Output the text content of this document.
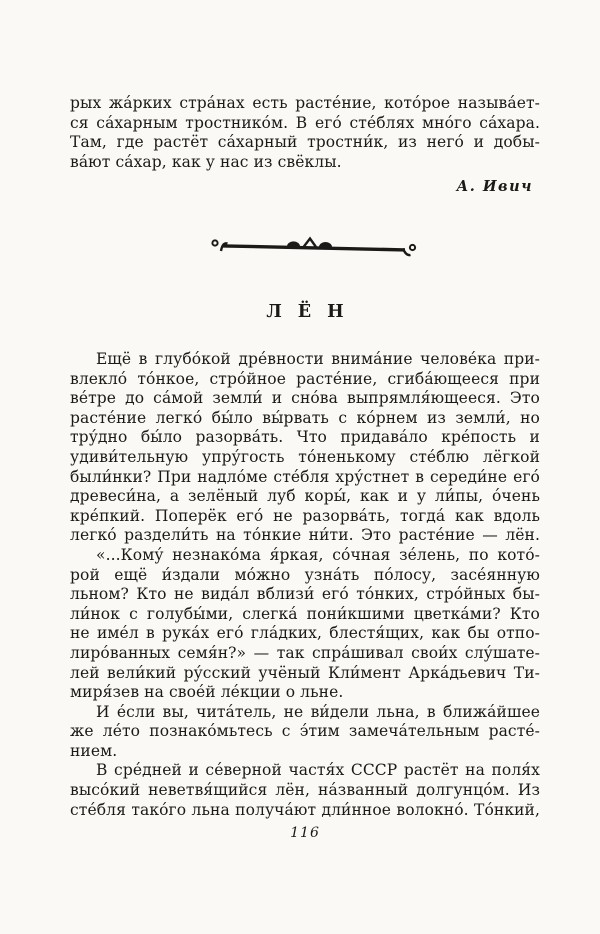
рых жа́рких стра́нах есть расте́ние, кото́рое называ́ет-
ся са́харным тростнико́м. В его́ сте́блях мно́го са́хара.
Там, где растёт са́харный тростни́к, из него́ и добы-
ва́ют са́хар, как у нас из свёклы.
А. Ивич
ЛЁН
Ещё в глубо́кой дре́вности внима́ние челове́ка при-
влекло́ то́нкое, стро́йное расте́ние, сгиба́ющееся при
ве́тре до са́мой земли́ и сно́ва выпрямля́ющееся. Это
расте́ние легко́ бы́ло вы́рвать с ко́рнем из земли́, но
тру́дно бы́ло разорва́ть. Что придава́ло кре́пость и
удиви́тельную упру́гость то́ненькому сте́блю лёгкой
были́нки? При надло́ме сте́бля хру́стнет в середи́не его́
древеси́на, а зелёный луб коры́, как и у ли́пы, о́чень
кре́пкий. Поперёк его́ не разорва́ть, тогда́ как вдоль
легко́ раздели́ть на то́нкие ни́ти. Это расте́ние — лён.
«...Кому́ незнако́ма я́ркая, со́чная зе́лень, по кото́-
рой ещё и́здали мо́жно узна́ть по́лосу, засе́янную
льном? Кто не вида́л вблизи́ его́ то́нких, стро́йных бы-
ли́нок с голубы́ми, слегка́ пони́кшими цветка́ми? Кто
не име́л в рука́х его́ гла́дких, блестя́щих, как бы отпо-
лиро́ванных семя́н?» — так спра́шивал свои́х слу́шате-
лей вели́кий ру́сский учёный Кли́мент Арка́дьевич Ти-
миря́зев на свое́й ле́кции о льне.
И е́сли вы, чита́тель, не ви́дели льна, в ближа́йшее
же ле́то познако́мьтесь с э́тим замеча́тельным расте́-
нием.
В сре́дней и се́верной частя́х СССР растёт на поля́х
высо́кий неветвя́щийся лён, на́званный долгунцо́м. Из
сте́бля тако́го льна получа́ют дли́нное волокно́. То́нкий,
116
